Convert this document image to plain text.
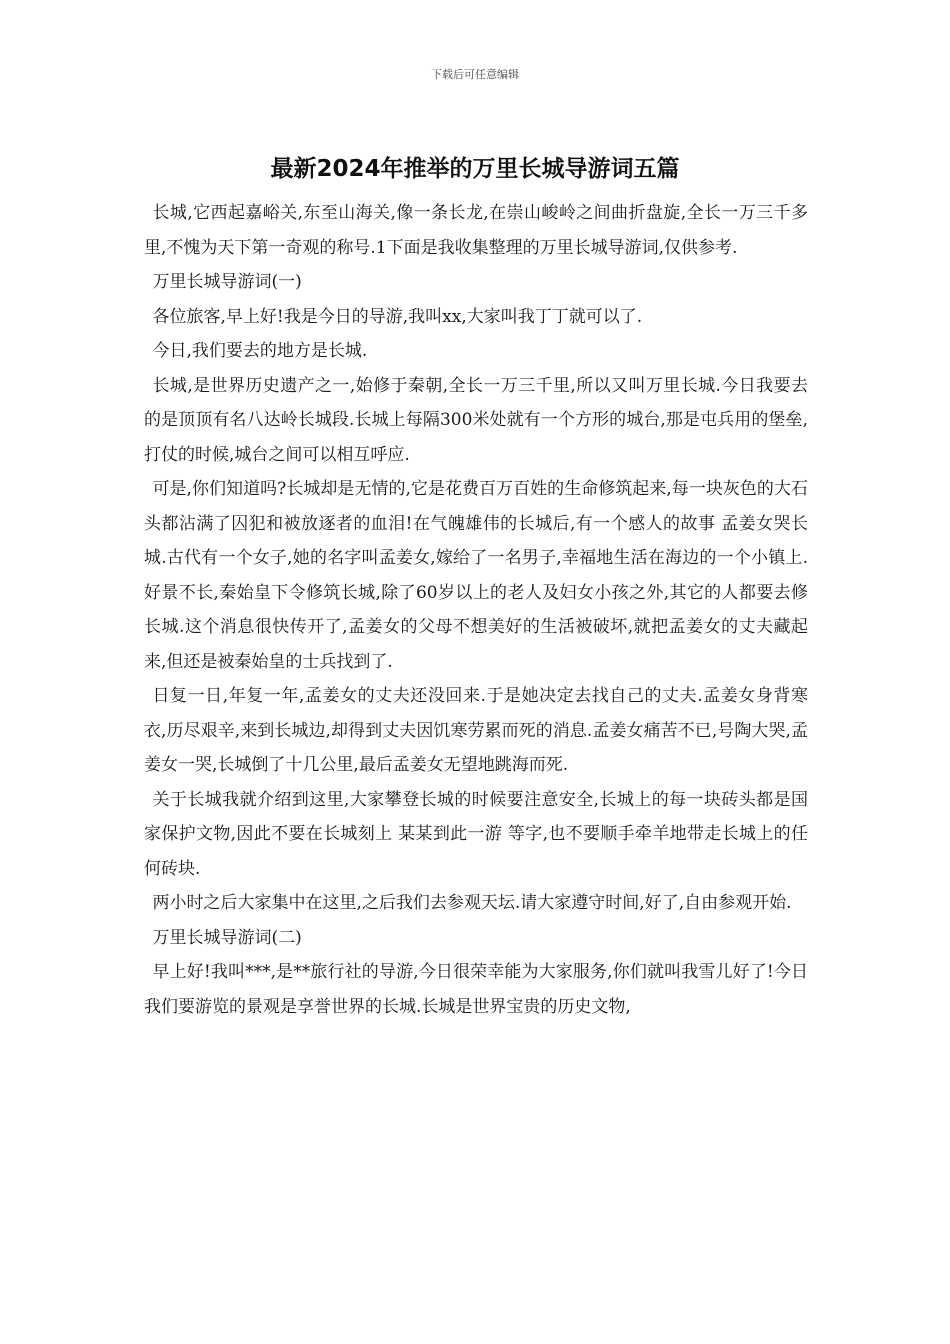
下载后可任意编辑
最新2024年推举的万里长城导游词五篇

长城,它西起嘉峪关,东至山海关,像一条长龙,在崇山峻岭之间曲折盘旋,全长一万三千多里,不愧为天下第一奇观的称号.1下面是我收集整理的万里长城导游词,仅供参考.

万里长城导游词(一)

各位旅客,早上好!我是今日的导游,我叫xx,大家叫我丁丁就可以了.

今日,我们要去的地方是长城.

长城,是世界历史遗产之一,始修于秦朝,全长一万三千里,所以又叫万里长城.今日我要去的是顶顶有名八达岭长城段.长城上每隔300米处就有一个方形的城台,那是屯兵用的堡垒,打仗的时候,城台之间可以相互呼应.

可是,你们知道吗?长城却是无情的,它是花费百万百姓的生命修筑起来,每一块灰色的大石头都沾满了囚犯和被放逐者的血泪!在气魄雄伟的长城后,有一个感人的故事 孟姜女哭长城.古代有一个女子,她的名字叫孟姜女,嫁给了一名男子,幸福地生活在海边的一个小镇上.好景不长,秦始皇下令修筑长城,除了60岁以上的老人及妇女小孩之外,其它的人都要去修长城.这个消息很快传开了,孟姜女的父母不想美好的生活被破坏,就把孟姜女的丈夫藏起来,但还是被秦始皇的士兵找到了.

日复一日,年复一年,孟姜女的丈夫还没回来.于是她决定去找自己的丈夫.孟姜女身背寒衣,历尽艰辛,来到长城边,却得到丈夫因饥寒劳累而死的消息.孟姜女痛苦不已,号陶大哭,孟姜女一哭,长城倒了十几公里,最后孟姜女无望地跳海而死.

关于长城我就介绍到这里,大家攀登长城的时候要注意安全,长城上的每一块砖头都是国家保护文物,因此不要在长城刻上 某某到此一游 等字,也不要顺手牵羊地带走长城上的任何砖块.

两小时之后大家集中在这里,之后我们去参观天坛.请大家遵守时间,好了,自由参观开始.

万里长城导游词(二)

早上好!我叫***,是**旅行社的导游,今日很荣幸能为大家服务,你们就叫我雪儿好了!今日我们要游览的景观是享誉世界的长城.长城是世界宝贵的历史文物,
